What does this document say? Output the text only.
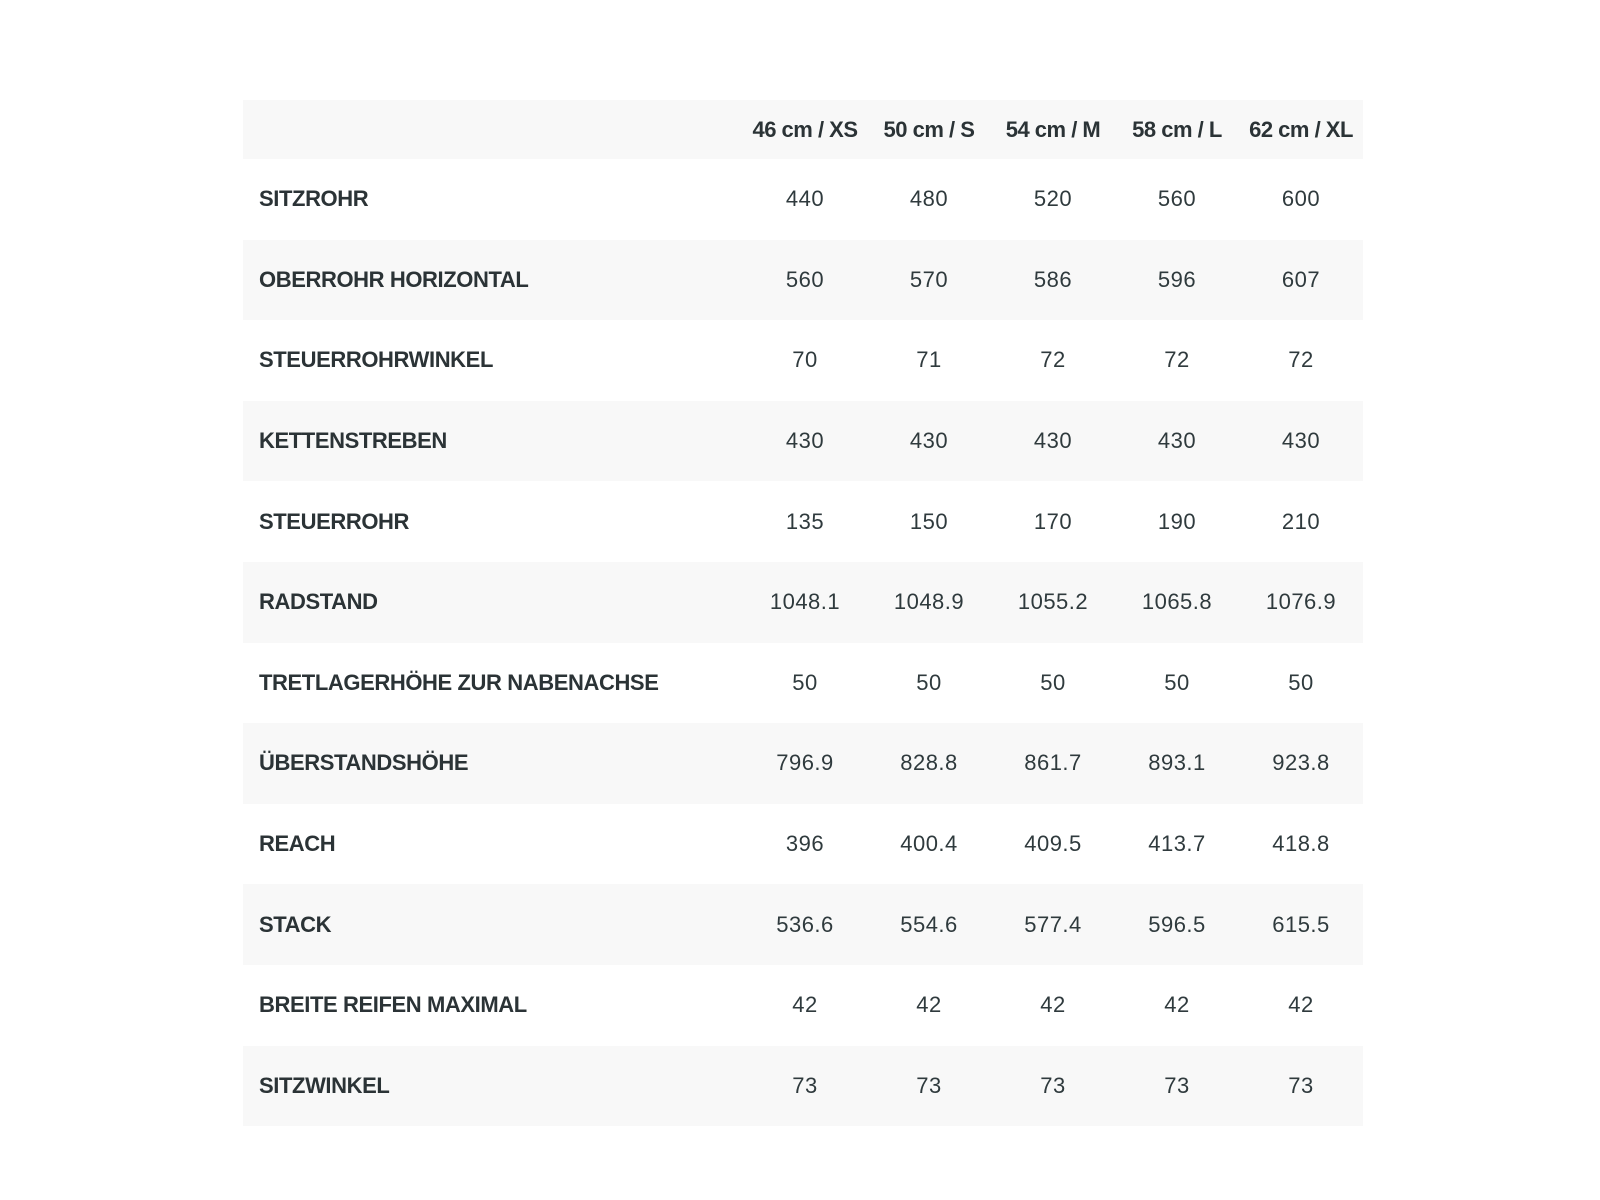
	46 cm / XS	50 cm / S	54 cm / M	58 cm / L	62 cm / XL
SITZROHR	440	480	520	560	600
OBERROHR HORIZONTAL	560	570	586	596	607
STEUERROHRWINKEL	70	71	72	72	72
KETTENSTREBEN	430	430	430	430	430
STEUERROHR	135	150	170	190	210
RADSTAND	1048.1	1048.9	1055.2	1065.8	1076.9
TRETLAGERHÖHE ZUR NABENACHSE	50	50	50	50	50
ÜBERSTANDSHÖHE	796.9	828.8	861.7	893.1	923.8
REACH	396	400.4	409.5	413.7	418.8
STACK	536.6	554.6	577.4	596.5	615.5
BREITE REIFEN MAXIMAL	42	42	42	42	42
SITZWINKEL	73	73	73	73	73
